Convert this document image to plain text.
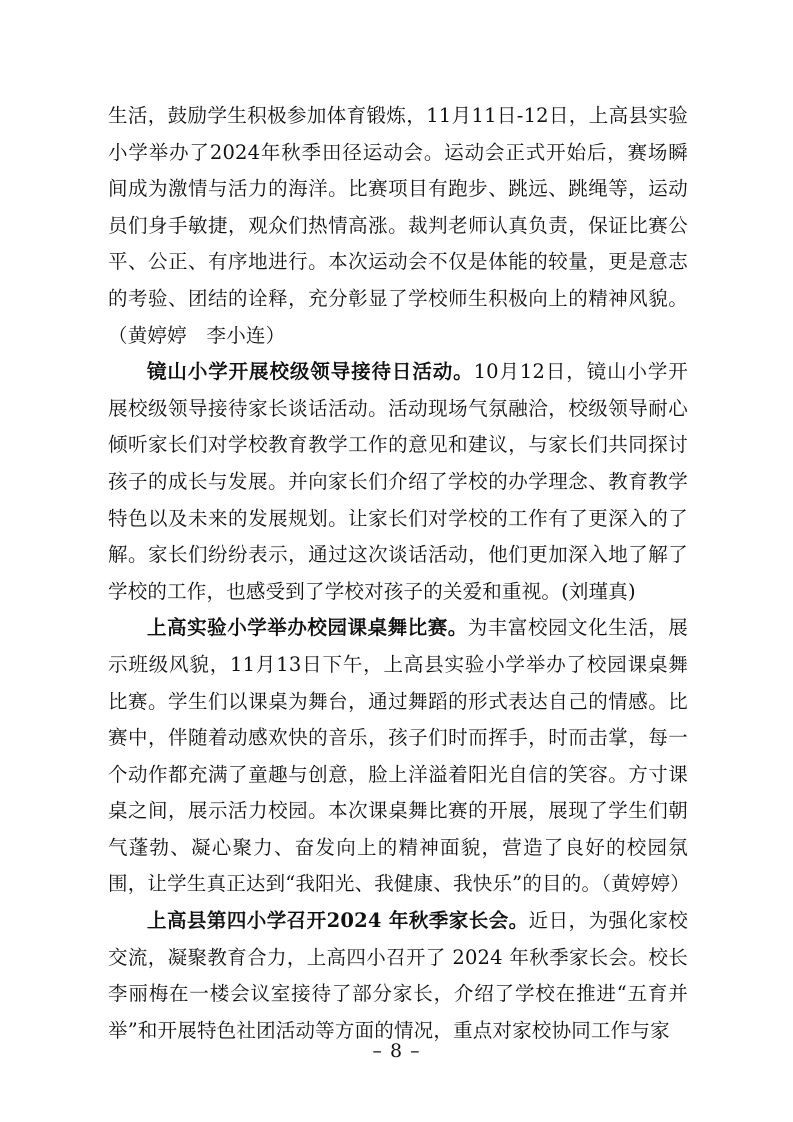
生活，鼓励学生积极参加体育锻炼，11月11日-12日，上高县实验小学举办了2024年秋季田径运动会。运动会正式开始后，赛场瞬间成为激情与活力的海洋。比赛项目有跑步、跳远、跳绳等，运动员们身手敏捷，观众们热情高涨。裁判老师认真负责，保证比赛公平、公正、有序地进行。本次运动会不仅是体能的较量，更是意志的考验、团结的诠释，充分彰显了学校师生积极向上的精神风貌。（黄婷婷　李小连）

镜山小学开展校级领导接待日活动。10月12日，镜山小学开展校级领导接待家长谈话活动。活动现场气氛融洽，校级领导耐心倾听家长们对学校教育教学工作的意见和建议，与家长们共同探讨孩子的成长与发展。并向家长们介绍了学校的办学理念、教育教学特色以及未来的发展规划。让家长们对学校的工作有了更深入的了解。家长们纷纷表示，通过这次谈话活动，他们更加深入地了解了学校的工作，也感受到了学校对孩子的关爱和重视。(刘瑾真)

上高实验小学举办校园课桌舞比赛。为丰富校园文化生活，展示班级风貌，11月13日下午，上高县实验小学举办了校园课桌舞比赛。学生们以课桌为舞台，通过舞蹈的形式表达自己的情感。比赛中，伴随着动感欢快的音乐，孩子们时而挥手，时而击掌，每一个动作都充满了童趣与创意，脸上洋溢着阳光自信的笑容。方寸课桌之间，展示活力校园。本次课桌舞比赛的开展，展现了学生们朝气蓬勃、凝心聚力、奋发向上的精神面貌，营造了良好的校园氛围，让学生真正达到“我阳光、我健康、我快乐”的目的。（黄婷婷）

上高县第四小学召开2024 年秋季家长会。近日，为强化家校交流，凝聚教育合力，上高四小召开了 2024 年秋季家长会。校长李丽梅在一楼会议室接待了部分家长，介绍了学校在推进“五育并举”和开展特色社团活动等方面的情况，重点对家校协同工作与家

– 8 –
